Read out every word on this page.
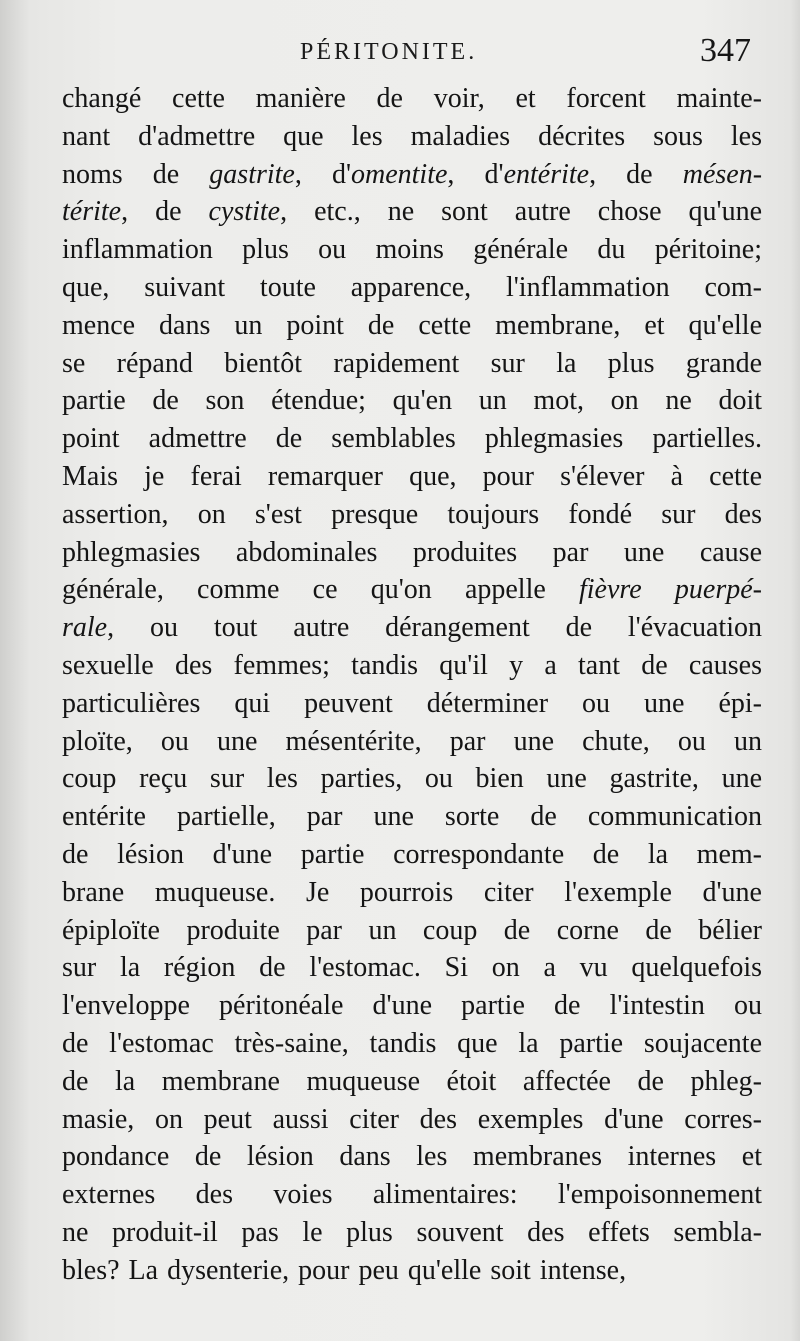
PÉRITONITE.	347
changé cette manière de voir, et forcent mainte-
nant d'admettre que les maladies décrites sous les
noms de gastrite, d'omentite, d'entérite, de mésen-
térite, de cystite, etc., ne sont autre chose qu'une
inflammation plus ou moins générale du péritoine;
que, suivant toute apparence, l'inflammation com-
mence dans un point de cette membrane, et qu'elle
se répand bientôt rapidement sur la plus grande
partie de son étendue; qu'en un mot, on ne doit
point admettre de semblables phlegmasies partielles.
Mais je ferai remarquer que, pour s'élever à cette
assertion, on s'est presque toujours fondé sur des
phlegmasies abdominales produites par une cause
générale, comme ce qu'on appelle fièvre puerpé-
rale, ou tout autre dérangement de l'évacuation
sexuelle des femmes; tandis qu'il y a tant de causes
particulières qui peuvent déterminer ou une épi-
ploïte, ou une mésentérite, par une chute, ou un
coup reçu sur les parties, ou bien une gastrite, une
entérite partielle, par une sorte de communication
de lésion d'une partie correspondante de la mem-
brane muqueuse. Je pourrois citer l'exemple d'une
épiploïte produite par un coup de corne de bélier
sur la région de l'estomac. Si on a vu quelquefois
l'enveloppe péritonéale d'une partie de l'intestin ou
de l'estomac très-saine, tandis que la partie soujacente
de la membrane muqueuse étoit affectée de phleg-
masie, on peut aussi citer des exemples d'une corres-
pondance de lésion dans les membranes internes et
externes des voies alimentaires: l'empoisonnement
ne produit-il pas le plus souvent des effets sembla-
bles? La dysenterie, pour peu qu'elle soit intense,
